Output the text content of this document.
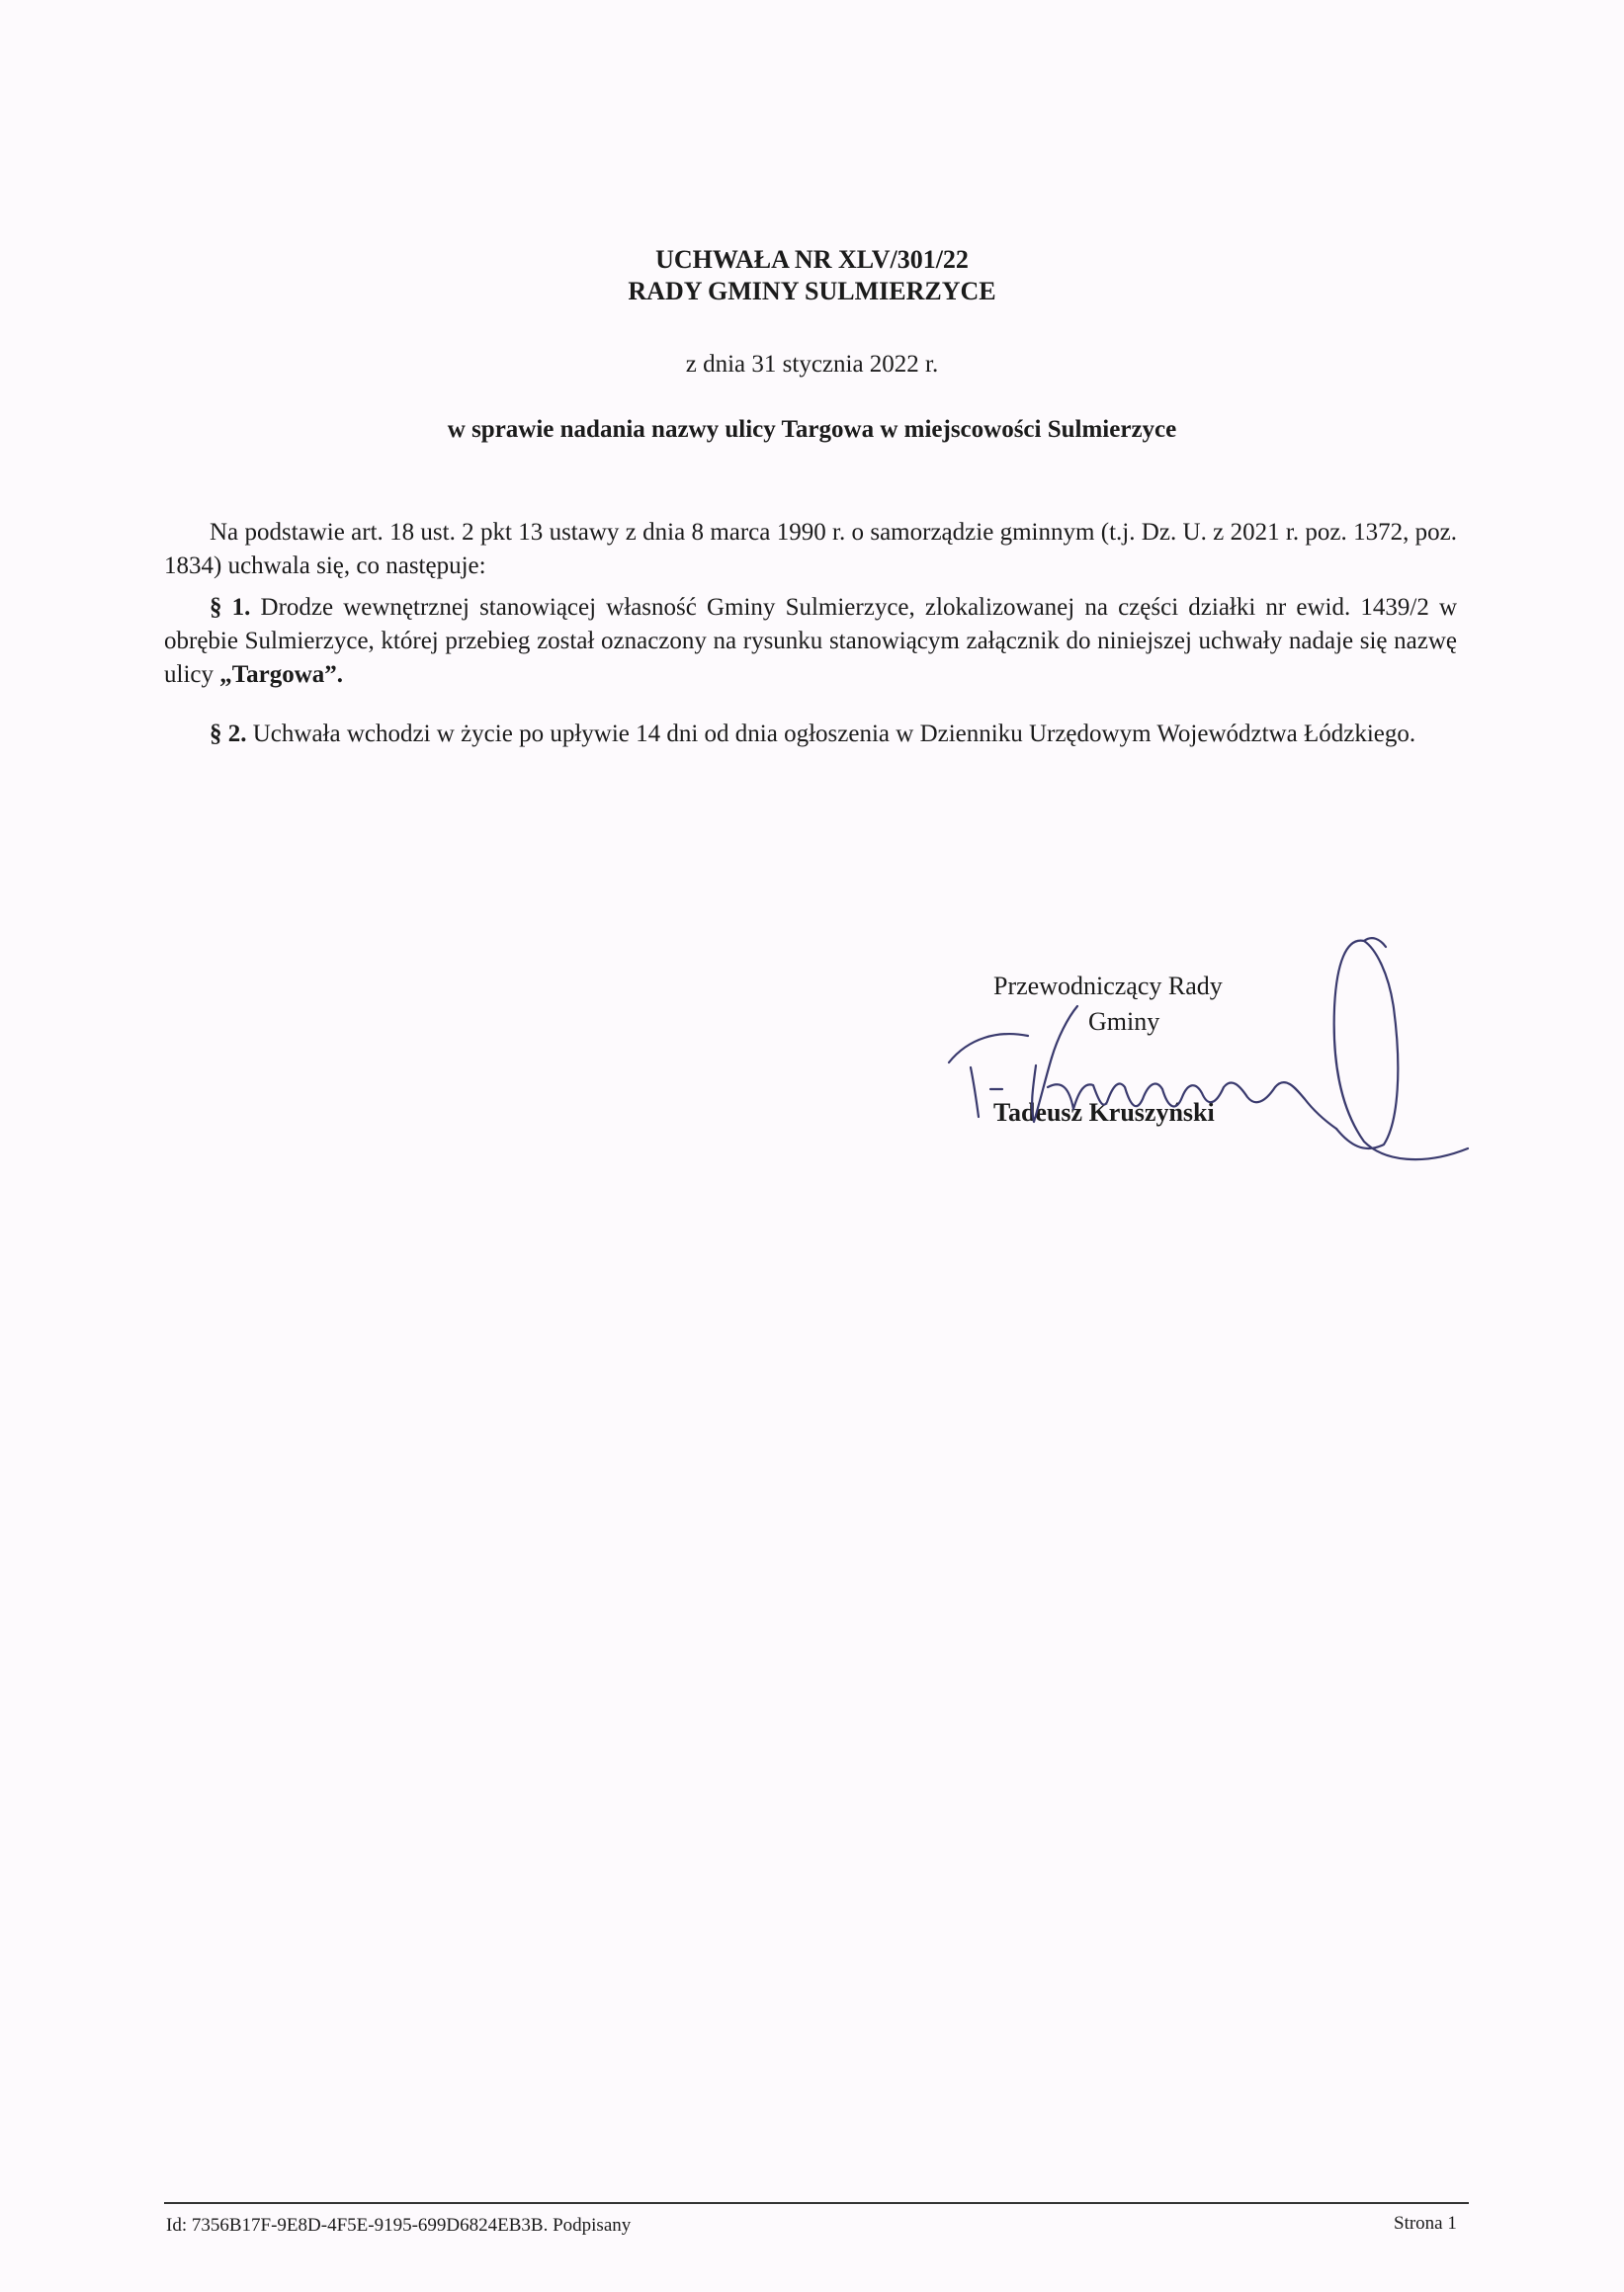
UCHWAŁA NR XLV/301/22
RADY GMINY SULMIERZYCE
z dnia 31 stycznia 2022 r.
w sprawie nadania nazwy ulicy Targowa w miejscowości Sulmierzyce
Na podstawie art. 18 ust. 2 pkt 13 ustawy z dnia 8 marca 1990 r. o samorządzie gminnym (t.j. Dz. U. z 2021 r. poz. 1372, poz. 1834) uchwala się, co następuje:
§ 1. Drodze wewnętrznej stanowiącej własność Gminy Sulmierzyce, zlokalizowanej na części działki nr ewid. 1439/2 w obrębie Sulmierzyce, której przebieg został oznaczony na rysunku stanowiącym załącznik do niniejszej uchwały nadaje się nazwę ulicy „Targowa”.
§ 2. Uchwała wchodzi w życie po upływie 14 dni od dnia ogłoszenia w Dzienniku Urzędowym Województwa Łódzkiego.
Przewodniczący Rady
Gminy
Tadeusz Kruszyński
Id: 7356B17F-9E8D-4F5E-9195-699D6824EB3B. Podpisany	Strona 1
